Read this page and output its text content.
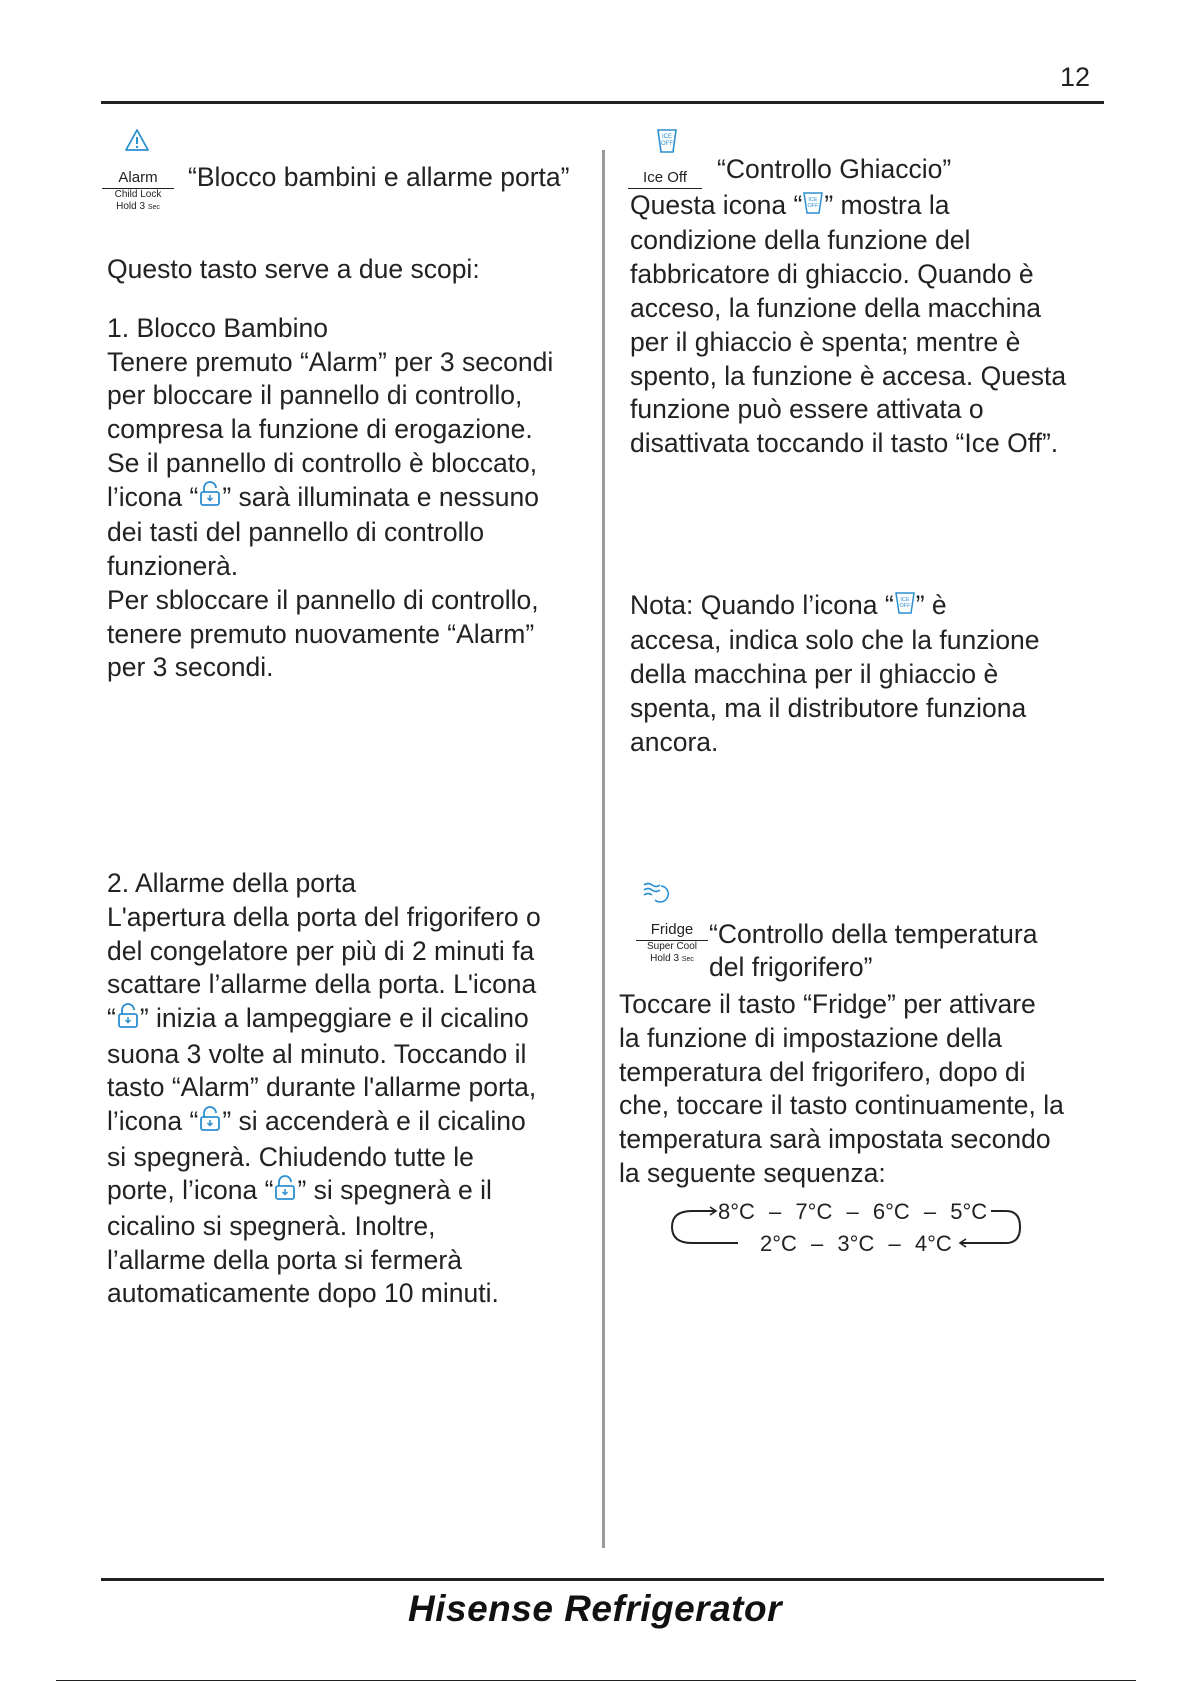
12
Alarm
Child Lock
Hold 3 Sec
“Blocco bambini e allarme porta”

Questo tasto serve a due scopi:

1. Blocco Bambino

Tenere premuto “Alarm” per 3 secondi

per bloccare il pannello di controllo,

compresa la funzione di erogazione.

Se il pannello di controllo è bloccato,

l’icona “ ” sarà illuminata e nessuno

dei tasti del pannello di controllo

funzionerà.

Per sbloccare il pannello di controllo,

tenere premuto nuovamente “Alarm”

per 3 secondi.

2. Allarme della porta

L'apertura della porta del frigorifero o

del congelatore per più di 2 minuti fa

scattare l’allarme della porta. L'icona

“ ” inizia a lampeggiare e il cicalino

suona 3 volte al minuto. Toccando il

tasto “Alarm” durante l'allarme porta,

l’icona “ ” si accenderà e il cicalino

si spegnerà. Chiudendo tutte le

porte, l’icona “ ” si spegnerà e il

cicalino si spegnerà. Inoltre,

l’allarme della porta si fermerà

automaticamente dopo 10 minuti.

ICE
OFF
Ice Off	“Controllo Ghiaccio”

Questa icona “ ICE
OFF ” mostra la

condizione della funzione del

fabbricatore di ghiaccio. Quando è

acceso, la funzione della macchina

per il ghiaccio è spenta; mentre è

spento, la funzione è accesa. Questa

funzione può essere attivata o

disattivata toccando il tasto “Ice Off”.

Nota: Quando l’icona “ ICE
OFF ” è

accesa, indica solo che la funzione

della macchina per il ghiaccio è

spenta, ma il distributore funziona

ancora.

Fridge
Super Cool
Hold 3 Sec
“Controllo della temperatura
del frigorifero”

Toccare il tasto “Fridge” per attivare

la funzione di impostazione della

temperatura del frigorifero, dopo di

che, toccare il tasto continuamente, la

temperatura sarà impostata secondo

la seguente sequenza:

8°C – 7°C – 6°C – 5°C
2°C – 3°C – 4°C
Hisense Refrigerator
